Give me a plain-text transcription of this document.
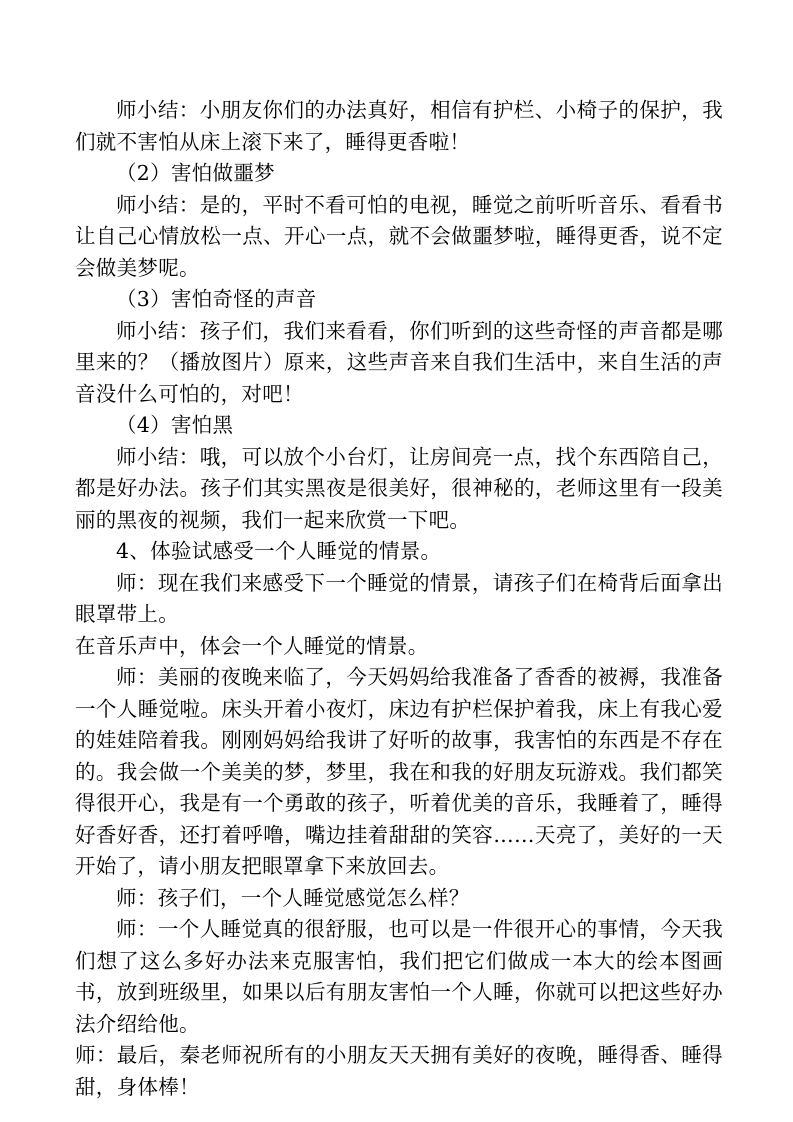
师小结：小朋友你们的办法真好，相信有护栏、小椅子的保护，我们就不害怕从床上滚下来了，睡得更香啦！

（2）害怕做噩梦

师小结：是的，平时不看可怕的电视，睡觉之前听听音乐、看看书让自己心情放松一点、开心一点，就不会做噩梦啦，睡得更香，说不定会做美梦呢。

（3）害怕奇怪的声音

师小结：孩子们，我们来看看，你们听到的这些奇怪的声音都是哪里来的？（播放图片）原来，这些声音来自我们生活中，来自生活的声音没什么可怕的，对吧！

（4）害怕黑

师小结：哦，可以放个小台灯，让房间亮一点，找个东西陪自己，都是好办法。孩子们其实黑夜是很美好，很神秘的，老师这里有一段美丽的黑夜的视频，我们一起来欣赏一下吧。

4、体验试感受一个人睡觉的情景。

师：现在我们来感受下一个睡觉的情景，请孩子们在椅背后面拿出眼罩带上。

在音乐声中，体会一个人睡觉的情景。

师：美丽的夜晚来临了，今天妈妈给我准备了香香的被褥，我准备一个人睡觉啦。床头开着小夜灯，床边有护栏保护着我，床上有我心爱的娃娃陪着我。刚刚妈妈给我讲了好听的故事，我害怕的东西是不存在的。我会做一个美美的梦，梦里，我在和我的好朋友玩游戏。我们都笑得很开心，我是有一个勇敢的孩子，听着优美的音乐，我睡着了，睡得好香好香，还打着呼噜，嘴边挂着甜甜的笑容……天亮了，美好的一天开始了，请小朋友把眼罩拿下来放回去。

师：孩子们，一个人睡觉感觉怎么样？

师：一个人睡觉真的很舒服，也可以是一件很开心的事情，今天我们想了这么多好办法来克服害怕，我们把它们做成一本大的绘本图画书，放到班级里，如果以后有朋友害怕一个人睡，你就可以把这些好办法介绍给他。

师：最后，秦老师祝所有的小朋友天天拥有美好的夜晚，睡得香、睡得甜，身体棒！
